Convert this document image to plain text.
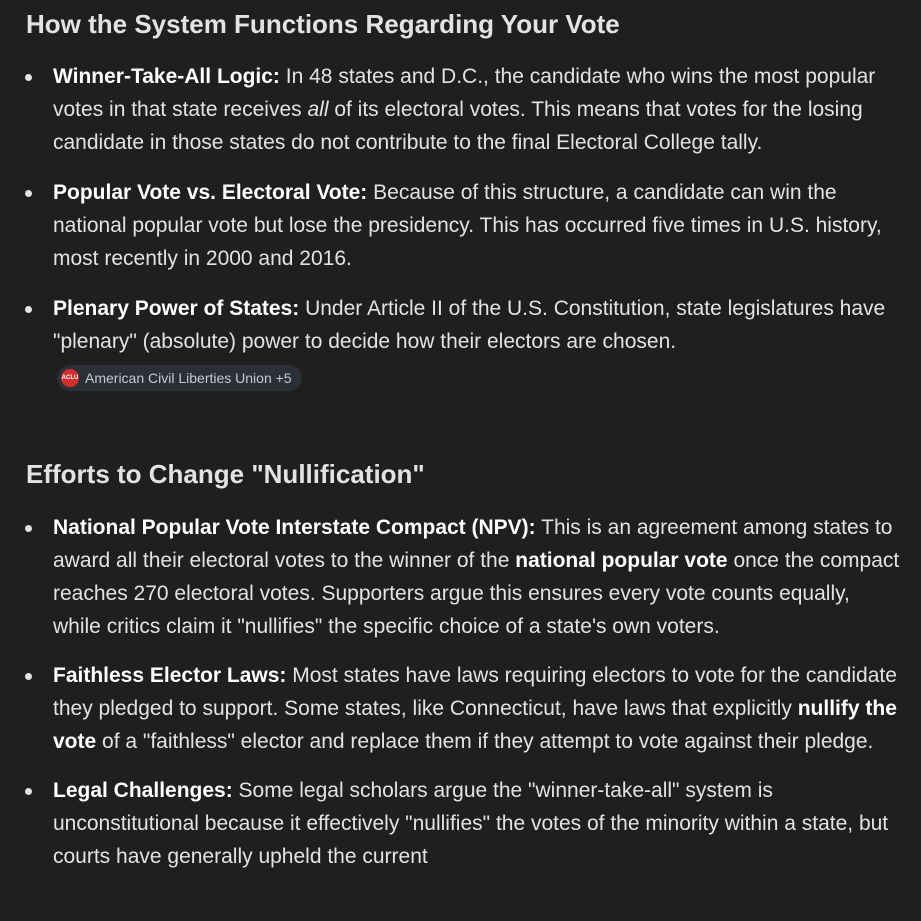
How the System Functions Regarding Your Vote
Winner-Take-All Logic: In 48 states and D.C., the candidate who wins the most popular votes in that state receives all of its electoral votes. This means that votes for the losing candidate in those states do not contribute to the final Electoral College tally.
Popular Vote vs. Electoral Vote: Because of this structure, a candidate can win the national popular vote but lose the presidency. This has occurred five times in U.S. history, most recently in 2000 and 2016.
Plenary Power of States: Under Article II of the U.S. Constitution, state legislatures have "plenary" (absolute) power to decide how their electors are chosen.
ACLU American Civil Liberties Union +5
Efforts to Change "Nullification"
National Popular Vote Interstate Compact (NPV): This is an agreement among states to award all their electoral votes to the winner of the national popular vote once the compact reaches 270 electoral votes. Supporters argue this ensures every vote counts equally, while critics claim it "nullifies" the specific choice of a state's own voters.
Faithless Elector Laws: Most states have laws requiring electors to vote for the candidate they pledged to support. Some states, like Connecticut, have laws that explicitly nullify the vote of a "faithless" elector and replace them if they attempt to vote against their pledge.
Legal Challenges: Some legal scholars argue the "winner-take-all" system is unconstitutional because it effectively "nullifies" the votes of the minority within a state, but courts have generally upheld the current
